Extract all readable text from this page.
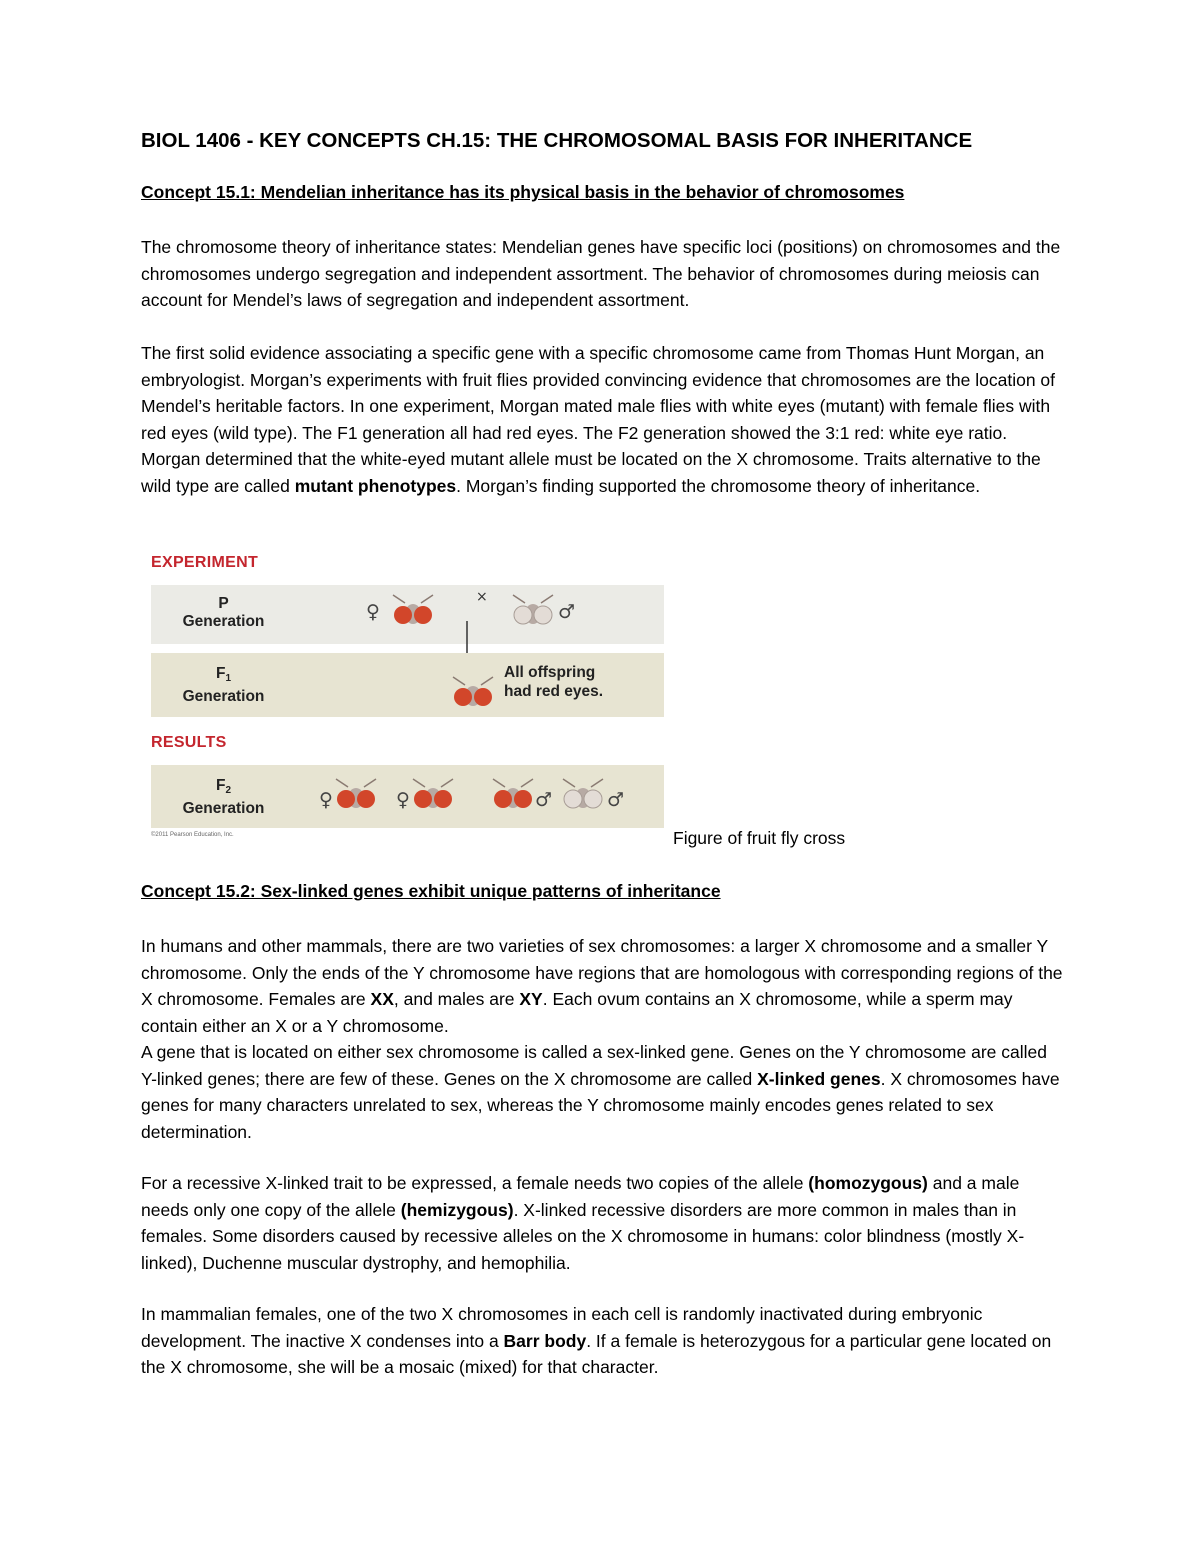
BIOL 1406 - KEY CONCEPTS CH.15: THE CHROMOSOMAL BASIS FOR INHERITANCE
Concept 15.1: Mendelian inheritance has its physical basis in the behavior of chromosomes

The chromosome theory of inheritance states: Mendelian genes have specific loci (positions) on chromosomes and the chromosomes undergo segregation and independent assortment. The behavior of chromosomes during meiosis can account for Mendel’s laws of segregation and independent assortment.

The first solid evidence associating a specific gene with a specific chromosome came from Thomas Hunt Morgan, an embryologist. Morgan’s experiments with fruit flies provided convincing evidence that chromosomes are the location of Mendel’s heritable factors. In one experiment, Morgan mated male flies with white eyes (mutant) with female flies with red eyes (wild type). The F1 generation all had red eyes. The F2 generation showed the 3:1 red: white eye ratio. Morgan determined that the white-eyed mutant allele must be located on the X chromosome. Traits alternative to the wild type are called mutant phenotypes. Morgan’s finding supported the chromosome theory of inheritance.

EXPERIMENT
P
Generation	♀
×
♂
$F_1$
Generation
All offspring
had red eyes.
RESULTS
$F_2$
Generation	♀	♀	♂	♂
©2011 Pearson Education, Inc.	Figure of fruit fly cross
Concept 15.2: Sex-linked genes exhibit unique patterns of inheritance

In humans and other mammals, there are two varieties of sex chromosomes: a larger X chromosome and a smaller Y chromosome. Only the ends of the Y chromosome have regions that are homologous with corresponding regions of the X chromosome. Females are XX, and males are XY. Each ovum contains an X chromosome, while a sperm may contain either an X or a Y chromosome.

A gene that is located on either sex chromosome is called a sex-linked gene. Genes on the Y chromosome are called Y-linked genes; there are few of these. Genes on the X chromosome are called X-linked genes. X chromosomes have genes for many characters unrelated to sex, whereas the Y chromosome mainly encodes genes related to sex determination.

For a recessive X-linked trait to be expressed, a female needs two copies of the allele (homozygous) and a male needs only one copy of the allele (hemizygous). X-linked recessive disorders are more common in males than in females. Some disorders caused by recessive alleles on the X chromosome in humans: color blindness (mostly X-linked), Duchenne muscular dystrophy, and hemophilia.

In mammalian females, one of the two X chromosomes in each cell is randomly inactivated during embryonic development. The inactive X condenses into a Barr body. If a female is heterozygous for a particular gene located on the X chromosome, she will be a mosaic (mixed) for that character.
